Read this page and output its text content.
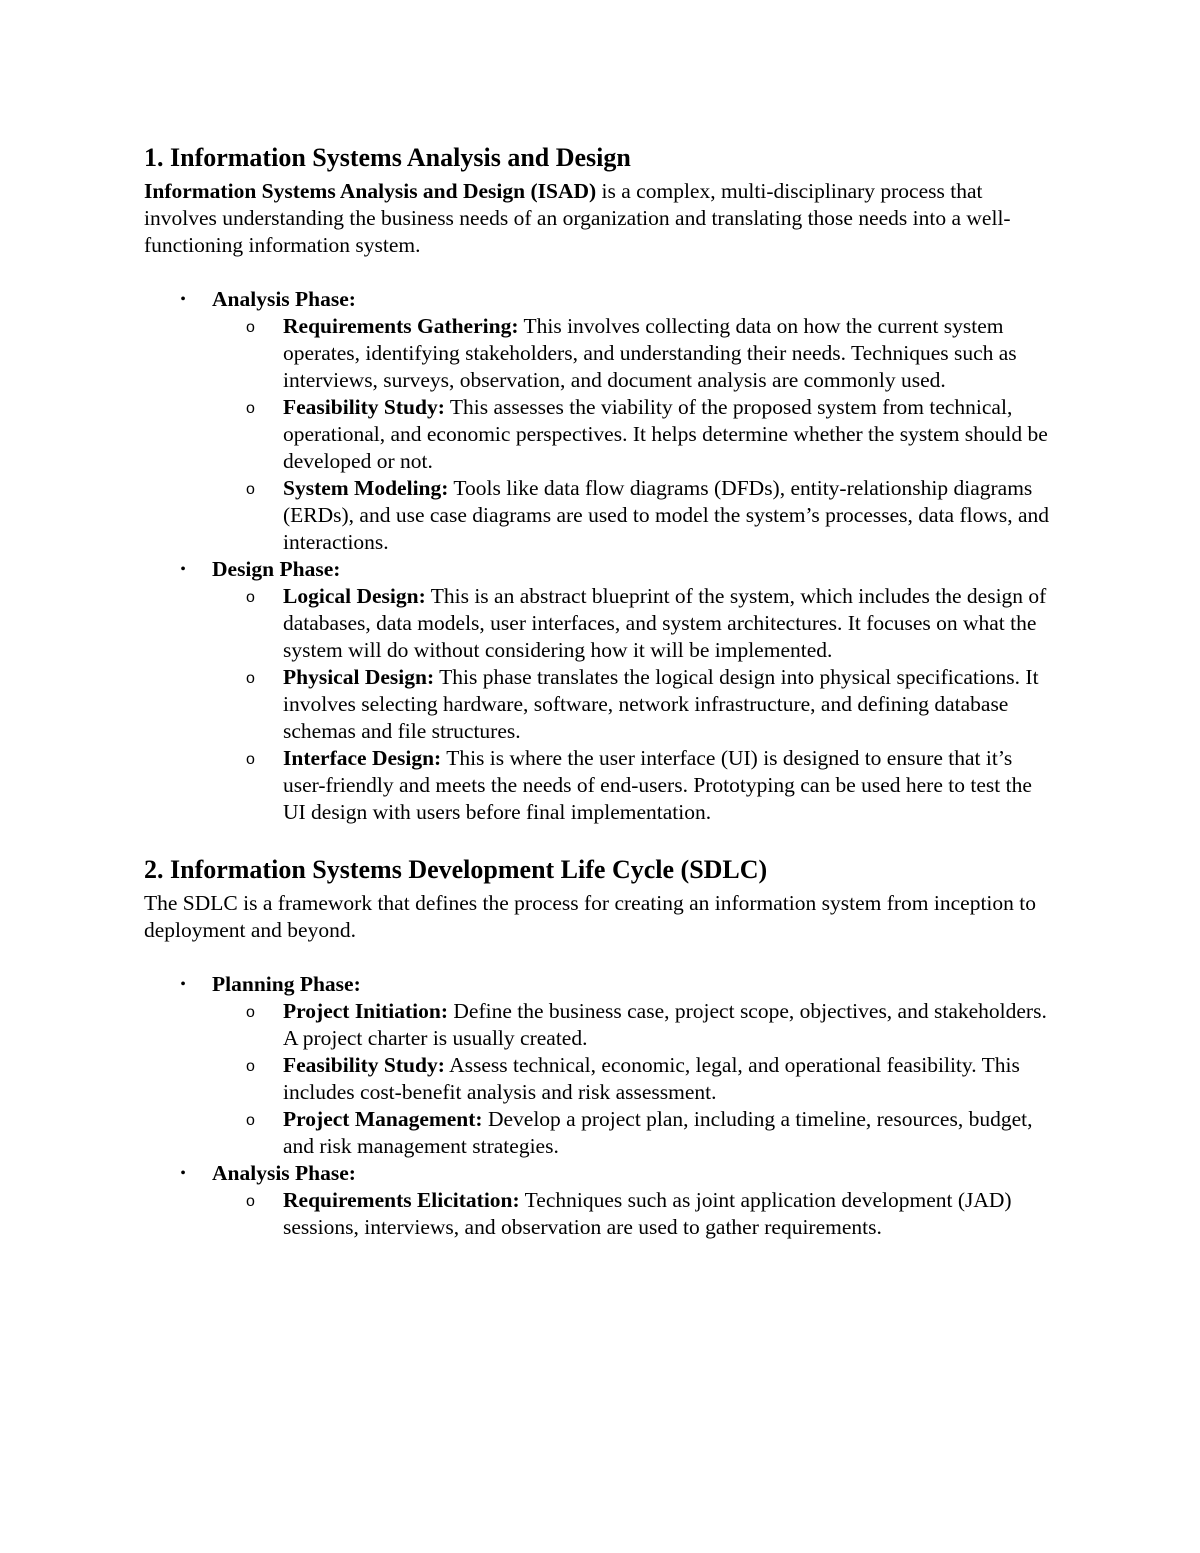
1. Information Systems Analysis and Design

Information Systems Analysis and Design (ISAD) is a complex, multi-disciplinary process that involves understanding the business needs of an organization and translating those needs into a well-functioning information system.

• Analysis Phase:
o Requirements Gathering: This involves collecting data on how the current system operates, identifying stakeholders, and understanding their needs. Techniques such as interviews, surveys, observation, and document analysis are commonly used.
o Feasibility Study: This assesses the viability of the proposed system from technical, operational, and economic perspectives. It helps determine whether the system should be developed or not.
o System Modeling: Tools like data flow diagrams (DFDs), entity-relationship diagrams (ERDs), and use case diagrams are used to model the system’s processes, data flows, and interactions.
• Design Phase:
o Logical Design: This is an abstract blueprint of the system, which includes the design of databases, data models, user interfaces, and system architectures. It focuses on what the system will do without considering how it will be implemented.
o Physical Design: This phase translates the logical design into physical specifications. It involves selecting hardware, software, network infrastructure, and defining database schemas and file structures.
o Interface Design: This is where the user interface (UI) is designed to ensure that it’s user-friendly and meets the needs of end-users. Prototyping can be used here to test the UI design with users before final implementation.
2. Information Systems Development Life Cycle (SDLC)

The SDLC is a framework that defines the process for creating an information system from inception to deployment and beyond.

• Planning Phase:
o Project Initiation: Define the business case, project scope, objectives, and stakeholders. A project charter is usually created.
o Feasibility Study: Assess technical, economic, legal, and operational feasibility. This includes cost-benefit analysis and risk assessment.
o Project Management: Develop a project plan, including a timeline, resources, budget, and risk management strategies.
• Analysis Phase:
o Requirements Elicitation: Techniques such as joint application development (JAD) sessions, interviews, and observation are used to gather requirements.
